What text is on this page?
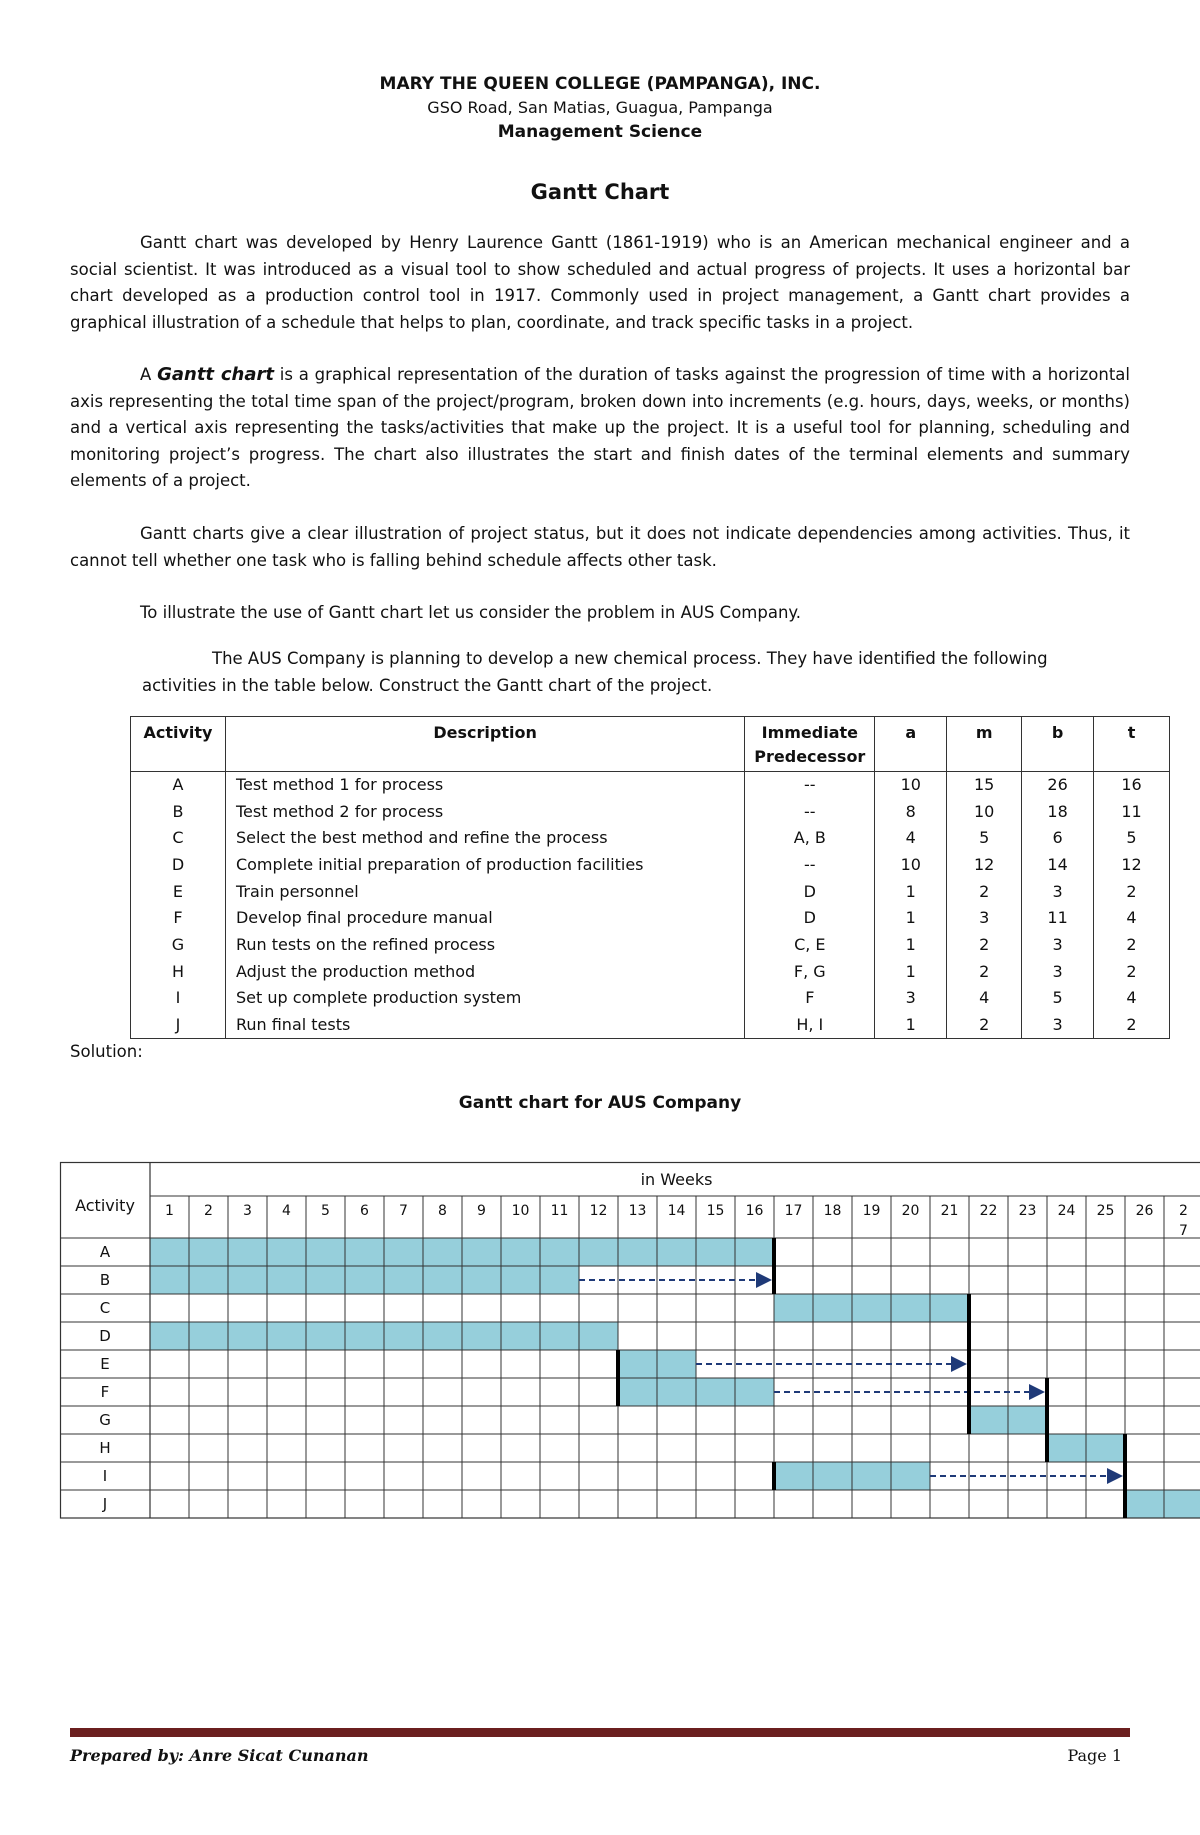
MARY THE QUEEN COLLEGE (PAMPANGA), INC.
GSO Road, San Matias, Guagua, Pampanga
Management Science
Gantt Chart

Gantt chart was developed by Henry Laurence Gantt (1861-1919) who is an American mechanical engineer and a social scientist. It was introduced as a visual tool to show scheduled and actual progress of projects. It uses a horizontal bar chart developed as a production control tool in 1917. Commonly used in project management, a Gantt chart provides a graphical illustration of a schedule that helps to plan, coordinate, and track specific tasks in a project.

A Gantt chart is a graphical representation of the duration of tasks against the progression of time with a horizontal axis representing the total time span of the project/program, broken down into increments (e.g. hours, days, weeks, or months) and a vertical axis representing the tasks/activities that make up the project. It is a useful tool for planning, scheduling and monitoring project’s progress. The chart also illustrates the start and finish dates of the terminal elements and summary elements of a project.

Gantt charts give a clear illustration of project status, but it does not indicate dependencies among activities. Thus, it cannot tell whether one task who is falling behind schedule affects other task.

To illustrate the use of Gantt chart let us consider the problem in AUS Company.

The AUS Company is planning to develop a new chemical process. They have identified the following activities in the table below. Construct the Gantt chart of the project.

Activity	Description	Immediate Predecessor	a	m	b	t
A	Test method 1 for process	--	10	15	26	16
B	Test method 2 for process	--	8	10	18	11
C	Select the best method and refine the process	A, B	4	5	6	5
D	Complete initial preparation of production facilities	--	10	12	14	12
E	Train personnel	D	1	2	3	2
F	Develop final procedure manual	D	1	3	11	4
G	Run tests on the refined process	C, E	1	2	3	2
H	Adjust the production method	F, G	1	2	3	2
I	Set up complete production system	F	3	4	5	4
J	Run final tests	H, I	1	2	3	2
Solution:
Gantt chart for AUS Company
Activity
in Weeks
1 2 3 4 5 6 7 8 9 10 11 12 13 14 15 16 17 18 19 20 21 22 23 24 25 26 2
7
A
B
C
D
E
F
G
H
I
J
Prepared by: Anre Sicat Cunanan	Page 1
